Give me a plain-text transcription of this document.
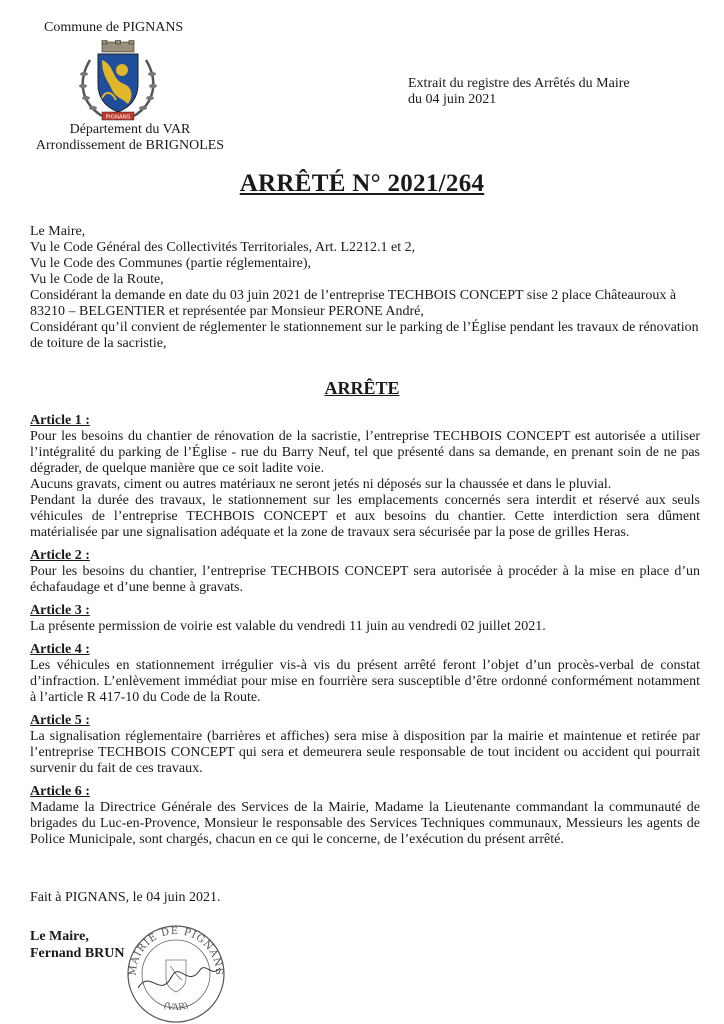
Commune de PIGNANS
PIGNANS
Département du VAR
Arrondissement de BRIGNOLES
Extrait du registre des Arrêtés du Maire
du 04 juin 2021
ARRÊTÉ N° 2021/264

Le Maire,

Vu le Code Général des Collectivités Territoriales, Art. L2212.1 et 2,

Vu le Code des Communes (partie réglementaire),

Vu le Code de la Route,

Considérant la demande en date du 03 juin 2021 de l’entreprise TECHBOIS CONCEPT sise 2 place Châteauroux à 83210 – BELGENTIER et représentée par Monsieur PERONE André,

Considérant qu’il convient de réglementer le stationnement sur le parking de l’Église pendant les travaux de rénovation de toiture de la sacristie,

ARRÊTE

Article 1 :

Pour les besoins du chantier de rénovation de la sacristie, l’entreprise TECHBOIS CONCEPT est autorisée a utiliser l’intégralité du parking de l’Église - rue du Barry Neuf, tel que présenté dans sa demande, en prenant soin de ne pas dégrader, de quelque manière que ce soit ladite voie.

Aucuns gravats, ciment ou autres matériaux ne seront jetés ni déposés sur la chaussée et dans le pluvial.

Pendant la durée des travaux, le stationnement sur les emplacements concernés sera interdit et réservé aux seuls véhicules de l’entreprise TECHBOIS CONCEPT et aux besoins du chantier. Cette interdiction sera dûment matérialisée par une signalisation adéquate et la zone de travaux sera sécurisée par la pose de grilles Heras.

Article 2 :

Pour les besoins du chantier, l’entreprise TECHBOIS CONCEPT sera autorisée à procéder à la mise en place d’un échafaudage et d’une benne à gravats.

Article 3 :

La présente permission de voirie est valable du vendredi 11 juin au vendredi 02 juillet 2021.

Article 4 :

Les véhicules en stationnement irrégulier vis-à vis du présent arrêté feront l’objet d’un procès-verbal de constat d’infraction. L’enlèvement immédiat pour mise en fourrière sera susceptible d’être ordonné conformément notamment à l’article R 417-10 du Code de la Route.

Article 5 :

La signalisation réglementaire (barrières et affiches) sera mise à disposition par la mairie et maintenue et retirée par l’entreprise TECHBOIS CONCEPT qui sera et demeurera seule responsable de tout incident ou accident qui pourrait survenir du fait de ces travaux.

Article 6 :

Madame la Directrice Générale des Services de la Mairie, Madame la Lieutenante commandant la communauté de brigades du Luc-en-Provence, Monsieur le responsable des Services Techniques communaux, Messieurs les agents de Police Municipale, sont chargés, chacun en ce qui le concerne, de l’exécution du présent arrêté.

Fait à PIGNANS, le 04 juin 2021.
MAIRIE DE PIGNANS
(VAR)
Le Maire,
Fernand BRUN
